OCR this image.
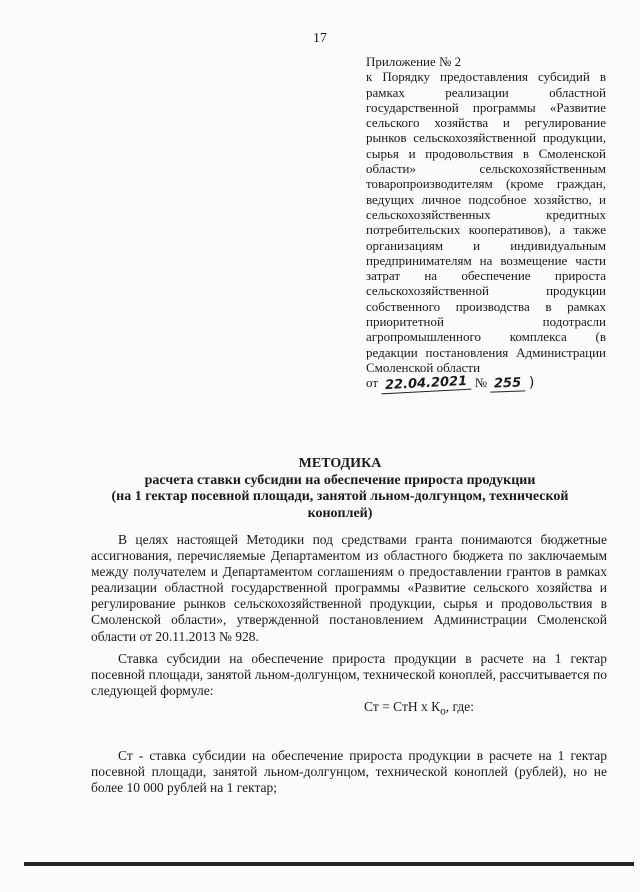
17
Приложение № 2
к Порядку предоставления субсидий в рамках реализации областной государственной программы «Развитие сельского хозяйства и регулирование рынков сельскохозяйственной продукции, сырья и продовольствия в Смоленской области» сельскохозяйственным товаропроизводителям (кроме граждан, ведущих личное подсобное хозяйство, и сельскохозяйственных кредитных потребительских кооперативов), а также организациям и индивидуальным предпринимателям на возмещение части затрат на обеспечение прироста сельскохозяйственной продукции собственного производства в рамках приоритетной подотрасли агропромышленного комплекса (в редакции постановления Администрации Смоленской области
от 22.04.2021 № 255 )
МЕТОДИКА
расчета ставки субсидии на обеспечение прироста продукции
(на 1 гектар посевной площади, занятой льном-долгунцом, технической коноплей)

В целях настоящей Методики под средствами гранта понимаются бюджетные ассигнования, перечисляемые Департаментом из областного бюджета по заключаемым между получателем и Департаментом соглашениям о предоставлении грантов в рамках реализации областной государственной программы «Развитие сельского хозяйства и регулирование рынков сельскохозяйственной продукции, сырья и продовольствия в Смоленской области», утвержденной постановлением Администрации Смоленской области от 20.11.2013 № 928.

Ставка субсидии на обеспечение прироста продукции в расчете на 1 гектар посевной площади, занятой льном-долгунцом, технической коноплей, рассчитывается по следующей формуле:

Ст = СтН х $К_о$, где:

Ст - ставка субсидии на обеспечение прироста продукции в расчете на 1 гектар посевной площади, занятой льном-долгунцом, технической коноплей (рублей), но не более 10 000 рублей на 1 гектар;
